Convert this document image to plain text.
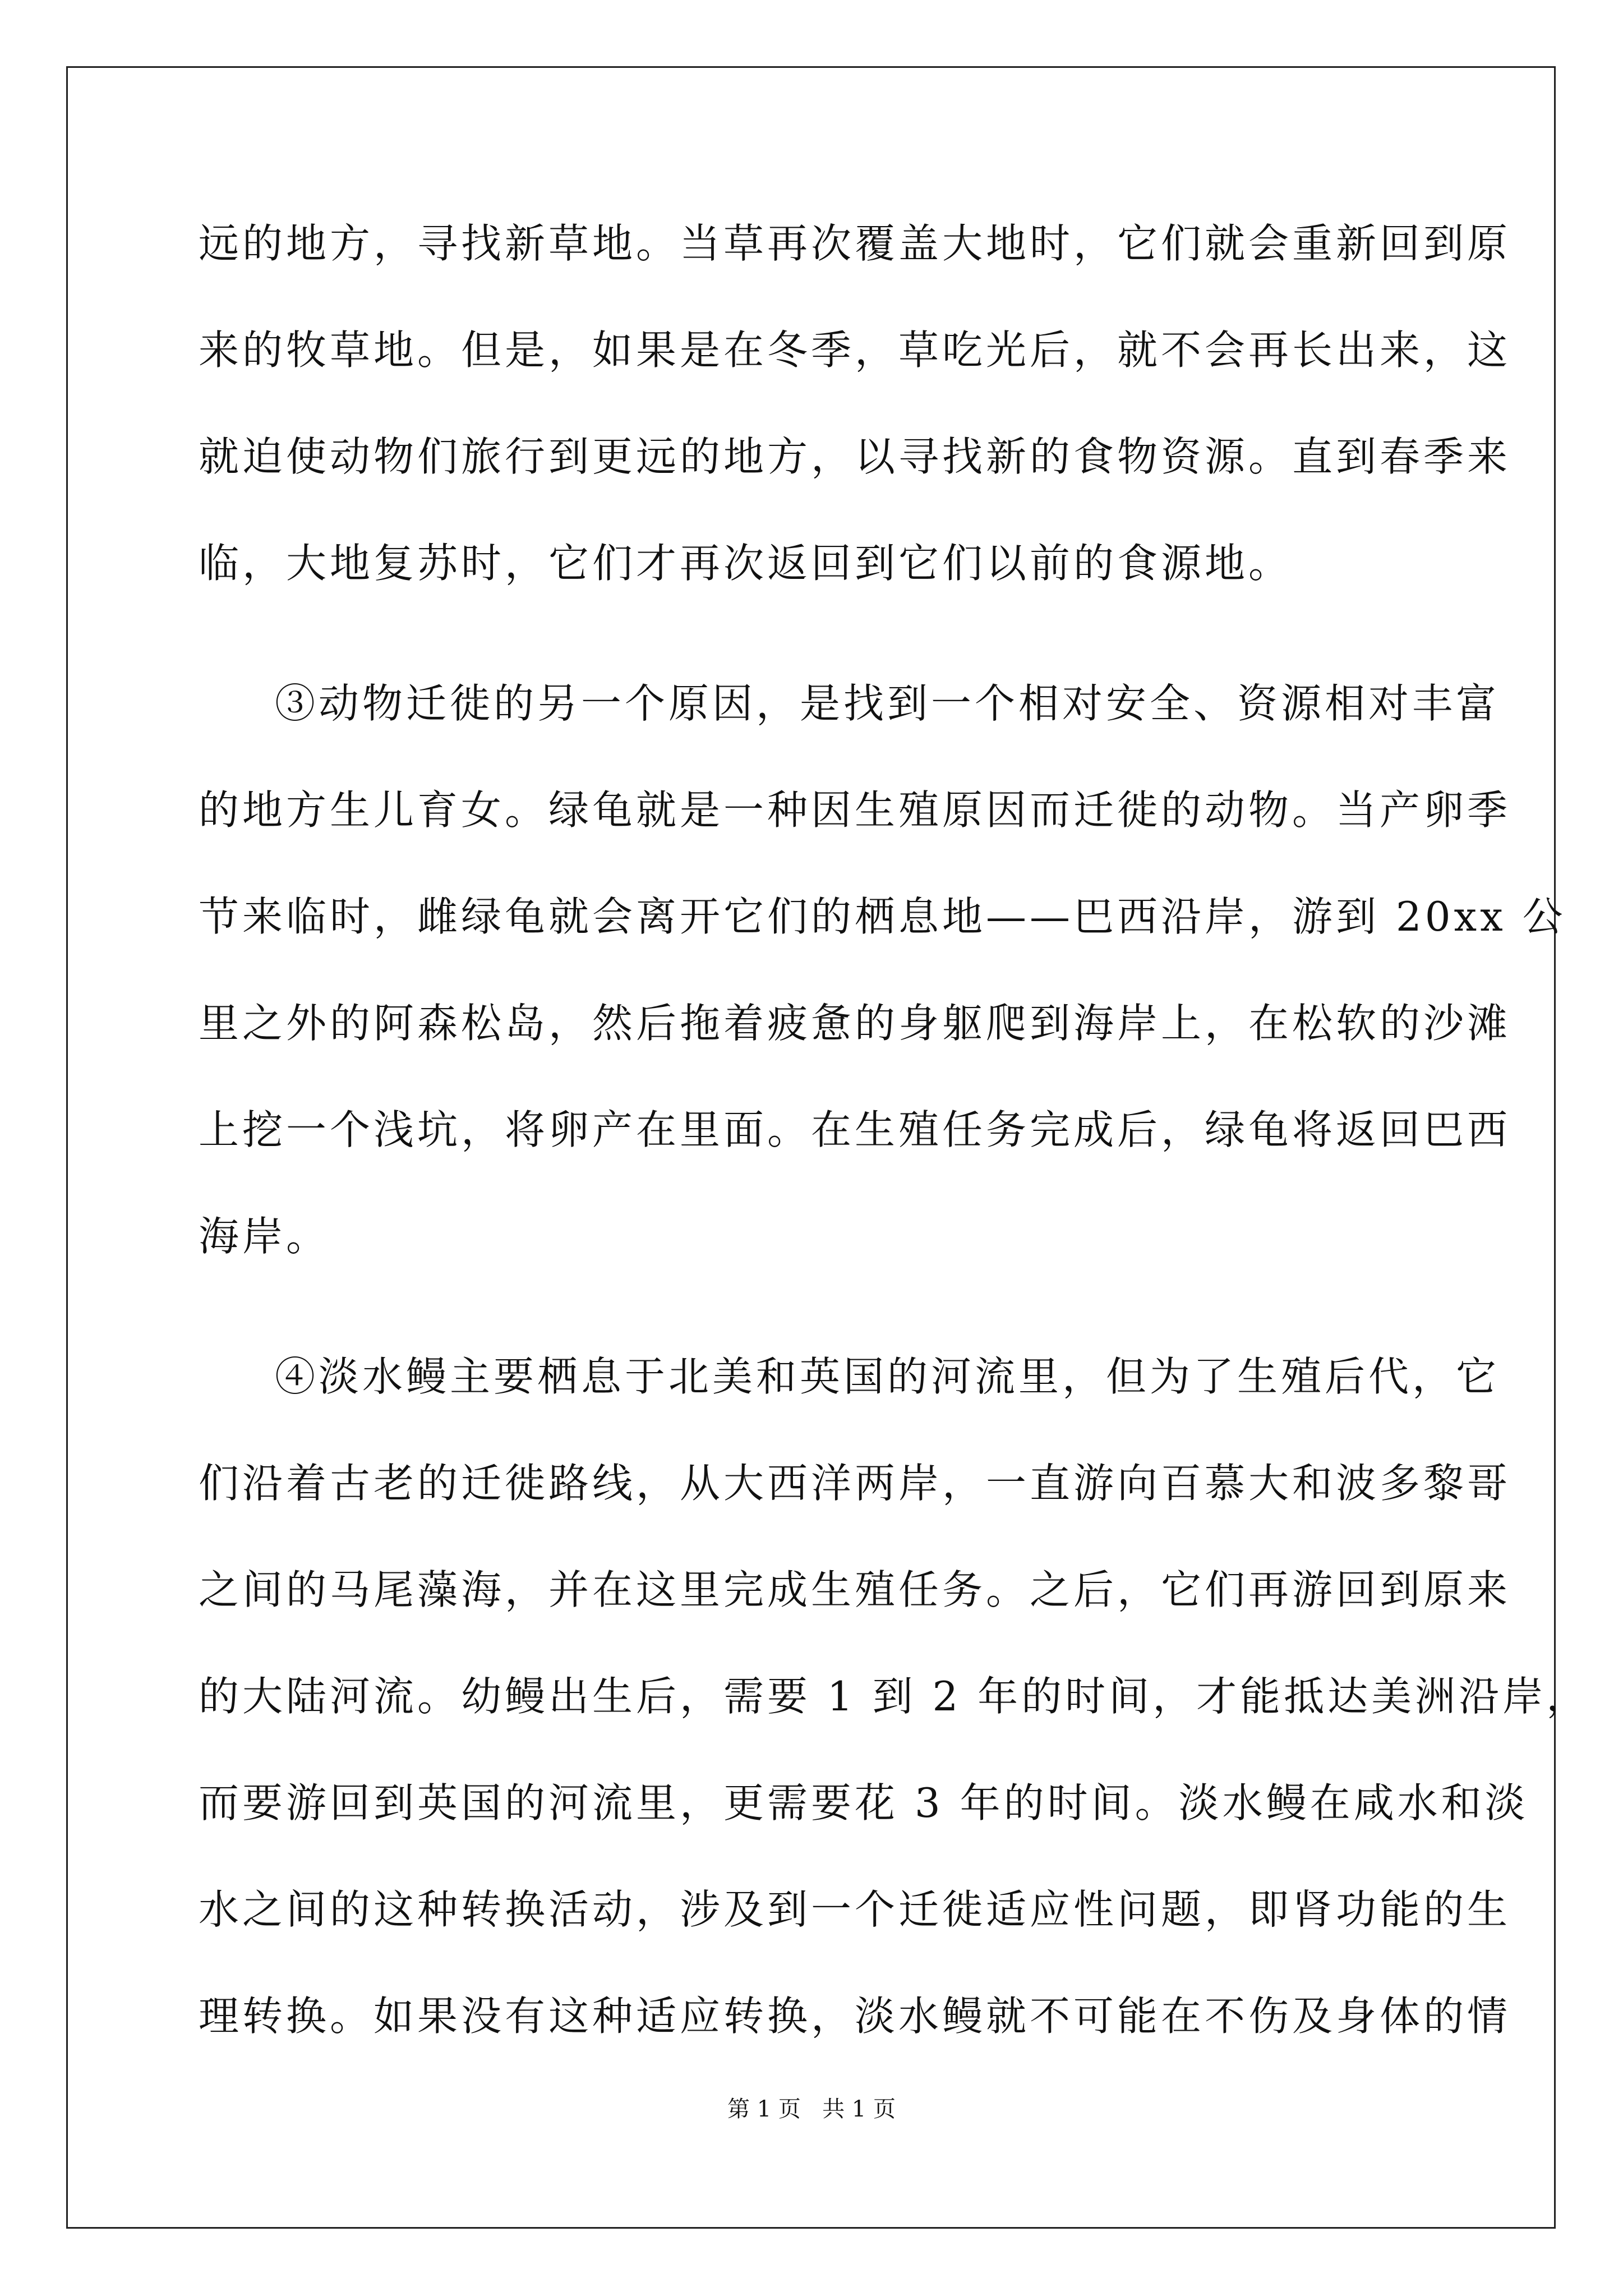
远的地方，寻找新草地。当草再次覆盖大地时，它们就会重新回到原
来的牧草地。但是，如果是在冬季，草吃光后，就不会再长出来，这
就迫使动物们旅行到更远的地方，以寻找新的食物资源。直到春季来
临，大地复苏时，它们才再次返回到它们以前的食源地。
③动物迁徙的另一个原因，是找到一个相对安全、资源相对丰富
的地方生儿育女。绿龟就是一种因生殖原因而迁徙的动物。当产卵季
节来临时，雌绿龟就会离开它们的栖息地——巴西沿岸，游到 20xx 公
里之外的阿森松岛，然后拖着疲惫的身躯爬到海岸上，在松软的沙滩
上挖一个浅坑，将卵产在里面。在生殖任务完成后，绿龟将返回巴西
海岸。
④淡水鳗主要栖息于北美和英国的河流里，但为了生殖后代，它
们沿着古老的迁徙路线，从大西洋两岸，一直游向百慕大和波多黎哥
之间的马尾藻海，并在这里完成生殖任务。之后，它们再游回到原来
的大陆河流。幼鳗出生后，需要 1 到 2 年的时间，才能抵达美洲沿岸，
而要游回到英国的河流里，更需要花 3 年的时间。淡水鳗在咸水和淡
水之间的这种转换活动，涉及到一个迁徙适应性问题，即肾功能的生
理转换。如果没有这种适应转换，淡水鳗就不可能在不伤及身体的情
第 1 页   共 1 页
